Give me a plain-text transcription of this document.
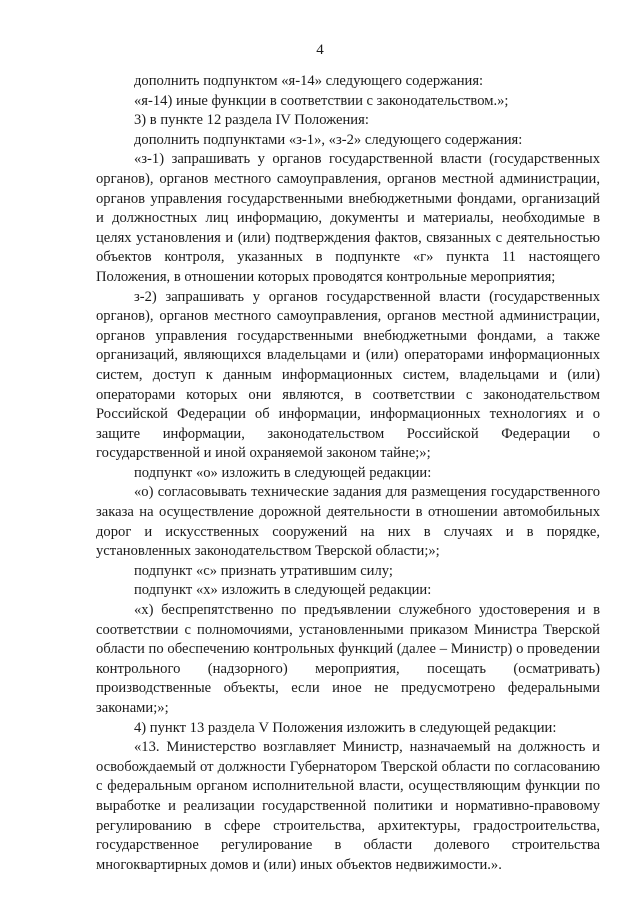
4

дополнить подпунктом «я-14» следующего содержания:

«я-14) иные функции в соответствии с законодательством.»;

3) в пункте 12 раздела IV Положения:

дополнить подпунктами «з-1», «з-2» следующего содержания:

«з-1) запрашивать у органов государственной власти (государственных органов), органов местного самоуправления, органов местной администрации, органов управления государственными внебюджетными фондами, организаций и должностных лиц информацию, документы и материалы, необходимые в целях установления и (или) подтверждения фактов, связанных с деятельностью объектов контроля, указанных в подпункте «г» пункта 11 настоящего Положения, в отношении которых проводятся контрольные мероприятия;

з-2) запрашивать у органов государственной власти (государственных органов), органов местного самоуправления, органов местной администрации, органов управления государственными внебюджетными фондами, а также организаций, являющихся владельцами и (или) операторами информационных систем, доступ к данным информационных систем, владельцами и (или) операторами которых они являются, в соответствии с законодательством Российской Федерации об информации, информационных технологиях и о защите информации, законодательством Российской Федерации о государственной и иной охраняемой законом тайне;»;

подпункт «о» изложить в следующей редакции:

«о) согласовывать технические задания для размещения государственного заказа на осуществление дорожной деятельности в отношении автомобильных дорог и искусственных сооружений на них в случаях и в порядке, установленных законодательством Тверской области;»;

подпункт «с» признать утратившим силу;

подпункт «х» изложить в следующей редакции:

«х) беспрепятственно по предъявлении служебного удостоверения и в соответствии с полномочиями, установленными приказом Министра Тверской области по обеспечению контрольных функций (далее – Министр) о проведении контрольного (надзорного) мероприятия, посещать (осматривать) производственные объекты, если иное не предусмотрено федеральными законами;»;

4) пункт 13 раздела V Положения изложить в следующей редакции:

«13. Министерство возглавляет Министр, назначаемый на должность и освобождаемый от должности Губернатором Тверской области по согласованию с федеральным органом исполнительной власти, осуществляющим функции по выработке и реализации государственной политики и нормативно-правовому регулированию в сфере строительства, архитектуры, градостроительства, государственное регулирование в области долевого строительства многоквартирных домов и (или) иных объектов недвижимости.».
